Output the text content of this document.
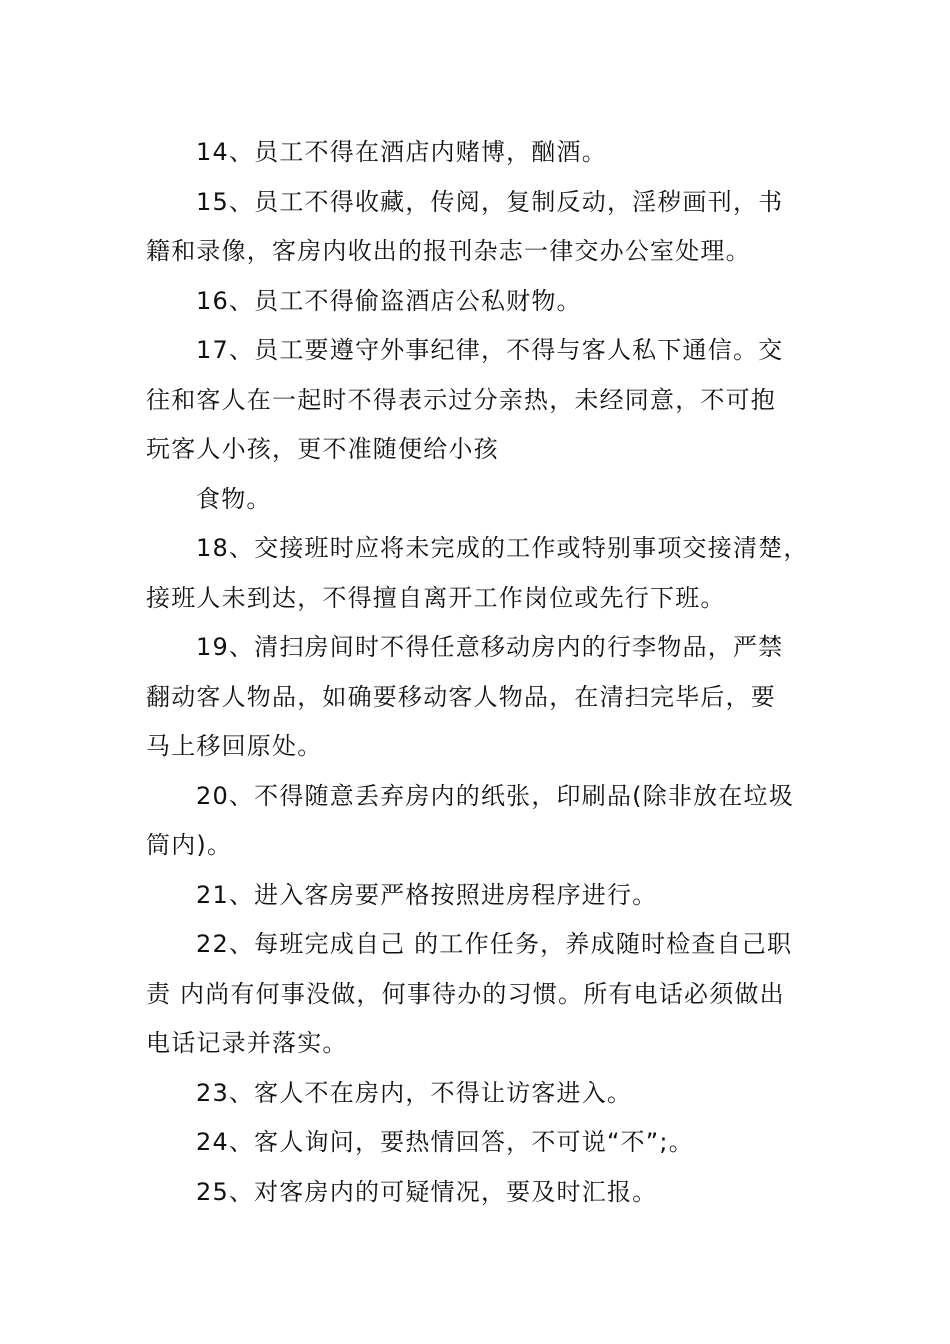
14、员工不得在酒店内赌博，酗酒。

15、员工不得收藏，传阅，复制反动，淫秽画刊，书
籍和录像，客房内收出的报刊杂志一律交办公室处理。

16、员工不得偷盗酒店公私财物。

17、员工要遵守外事纪律，不得与客人私下通信。交
往和客人在一起时不得表示过分亲热，未经同意，不可抱
玩客人小孩，更不准随便给小孩

食物。

18、交接班时应将未完成的工作或特别事项交接清楚，
接班人未到达，不得擅自离开工作岗位或先行下班。

19、清扫房间时不得任意移动房内的行李物品，严禁
翻动客人物品，如确要移动客人物品，在清扫完毕后，要
马上移回原处。

20、不得随意丢弃房内的纸张，印刷品(除非放在垃圾
筒内)。

21、进入客房要严格按照进房程序进行。

22、每班完成自己 的工作任务，养成随时检查自己职
责 内尚有何事没做，何事待办的习惯。所有电话必须做出
电话记录并落实。

23、客人不在房内，不得让访客进入。

24、客人询问，要热情回答，不可说“不”;。

25、对客房内的可疑情况，要及时汇报。
